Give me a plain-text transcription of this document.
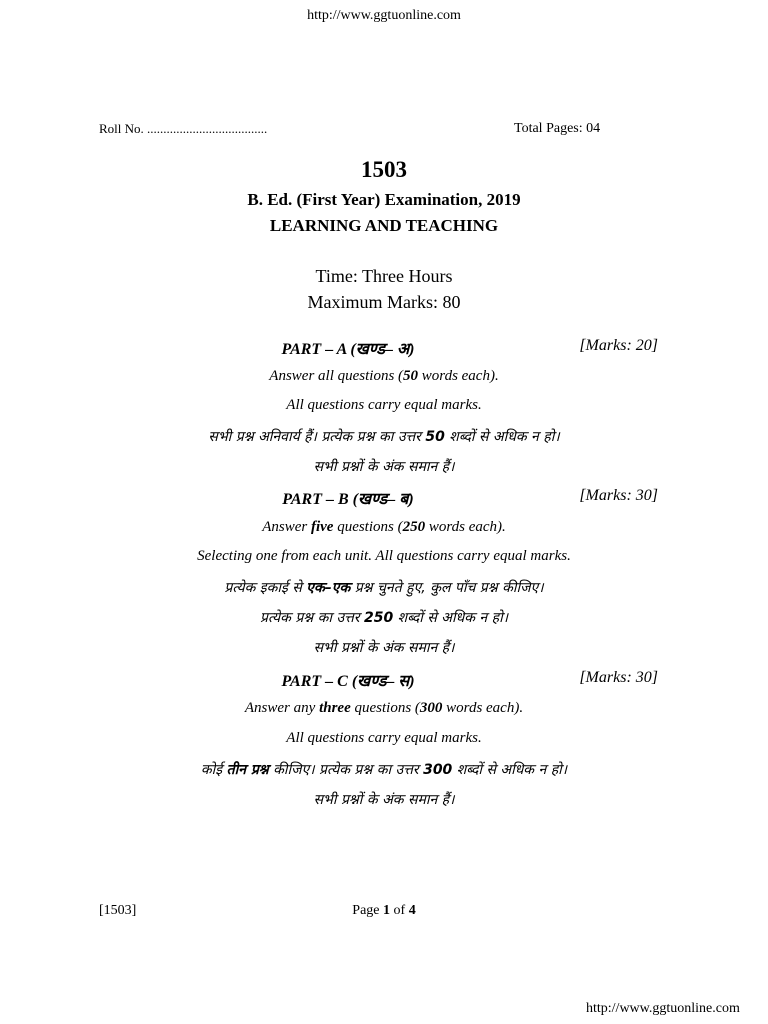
http://www.ggtuonline.com
Roll No. .....................................	Total Pages: 04
1503
B. Ed. (First Year) Examination, 2019
LEARNING AND TEACHING
Time: Three Hours
Maximum Marks: 80
PART – A (खण्ड– अ)	[Marks: 20]
Answer all questions (50 words each).
All questions carry equal marks.
सभी प्रश्न अनिवार्य हैं। प्रत्येक प्रश्न का उत्तर 50 शब्दों से अधिक न हो।
सभी प्रश्नों के अंक समान हैं।
PART – B (खण्ड– ब)	[Marks: 30]
Answer five questions (250 words each).
Selecting one from each unit. All questions carry equal marks.
प्रत्येक इकाई से एक–एक प्रश्न चुनते हुए, कुल पाँच प्रश्न कीजिए।
प्रत्येक प्रश्न का उत्तर 250 शब्दों से अधिक न हो।
सभी प्रश्नों के अंक समान हैं।
PART – C (खण्ड– स)	[Marks: 30]
Answer any three questions (300 words each).
All questions carry equal marks.
कोई तीन प्रश्न कीजिए। प्रत्येक प्रश्न का उत्तर 300 शब्दों से अधिक न हो।
सभी प्रश्नों के अंक समान हैं।
[1503]	Page 1 of 4
http://www.ggtuonline.com
